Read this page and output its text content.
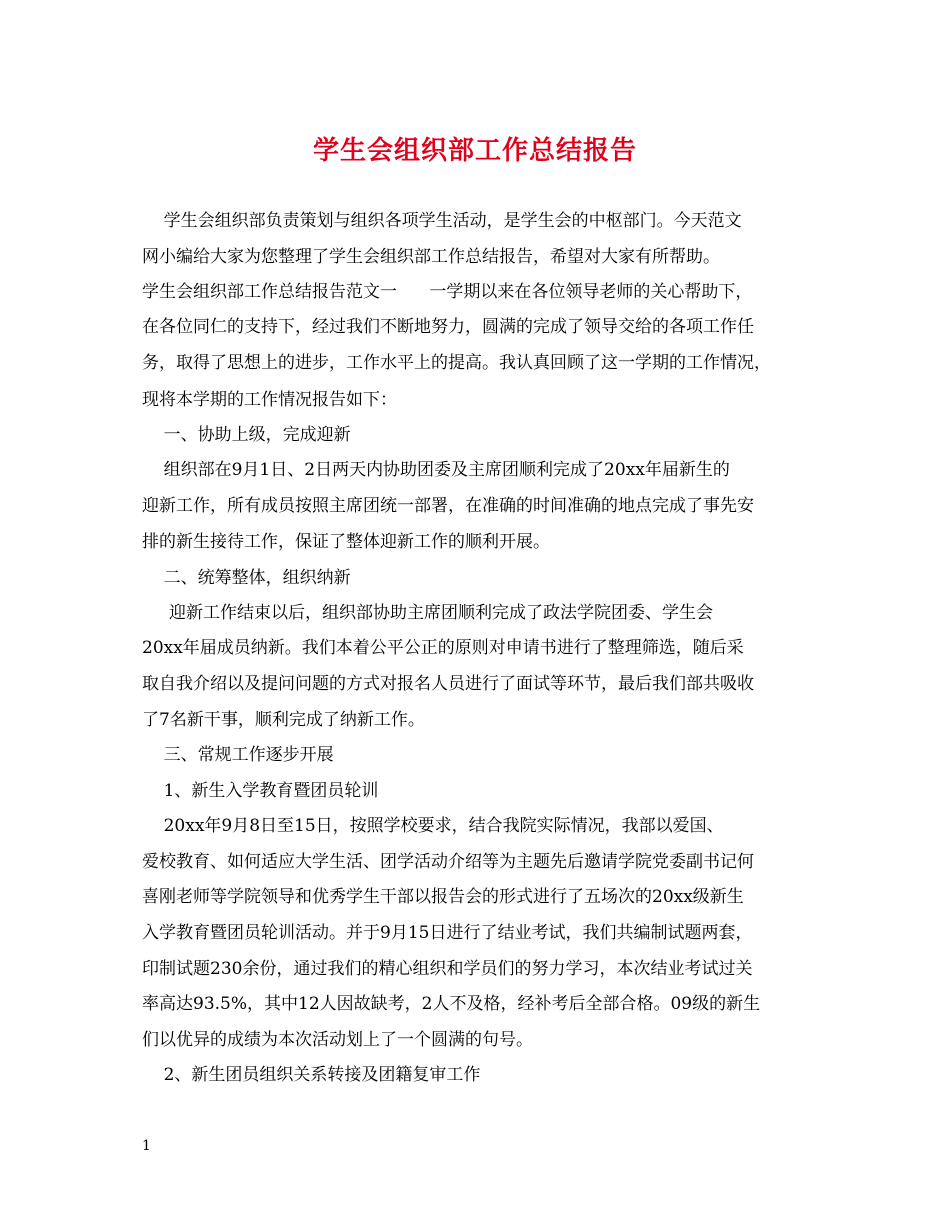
学生会组织部工作总结报告
学生会组织部负责策划与组织各项学生活动，是学生会的中枢部门。今天范文
网小编给大家为您整理了学生会组织部工作总结报告，希望对大家有所帮助。
学生会组织部工作总结报告范文一      一学期以来在各位领导老师的关心帮助下，
在各位同仁的支持下，经过我们不断地努力，圆满的完成了领导交给的各项工作任
务，取得了思想上的进步，工作水平上的提高。我认真回顾了这一学期的工作情况，
现将本学期的工作情况报告如下：
一、协助上级，完成迎新
组织部在9月1日、2日两天内协助团委及主席团顺利完成了20xx年届新生的
迎新工作，所有成员按照主席团统一部署，在准确的时间准确的地点完成了事先安
排的新生接待工作，保证了整体迎新工作的顺利开展。
二、统筹整体，组织纳新
迎新工作结束以后，组织部协助主席团顺利完成了政法学院团委、学生会
20xx年届成员纳新。我们本着公平公正的原则对申请书进行了整理筛选，随后采
取自我介绍以及提问问题的方式对报名人员进行了面试等环节，最后我们部共吸收
了7名新干事，顺利完成了纳新工作。
三、常规工作逐步开展
1、新生入学教育暨团员轮训
20xx年9月8日至15日，按照学校要求，结合我院实际情况，我部以爱国、
爱校教育、如何适应大学生活、团学活动介绍等为主题先后邀请学院党委副书记何
喜刚老师等学院领导和优秀学生干部以报告会的形式进行了五场次的20xx级新生
入学教育暨团员轮训活动。并于9月15日进行了结业考试，我们共编制试题两套，
印制试题230余份，通过我们的精心组织和学员们的努力学习，本次结业考试过关
率高达93.5%，其中12人因故缺考，2人不及格，经补考后全部合格。09级的新生
们以优异的成绩为本次活动划上了一个圆满的句号。
2、新生团员组织关系转接及团籍复审工作
1
